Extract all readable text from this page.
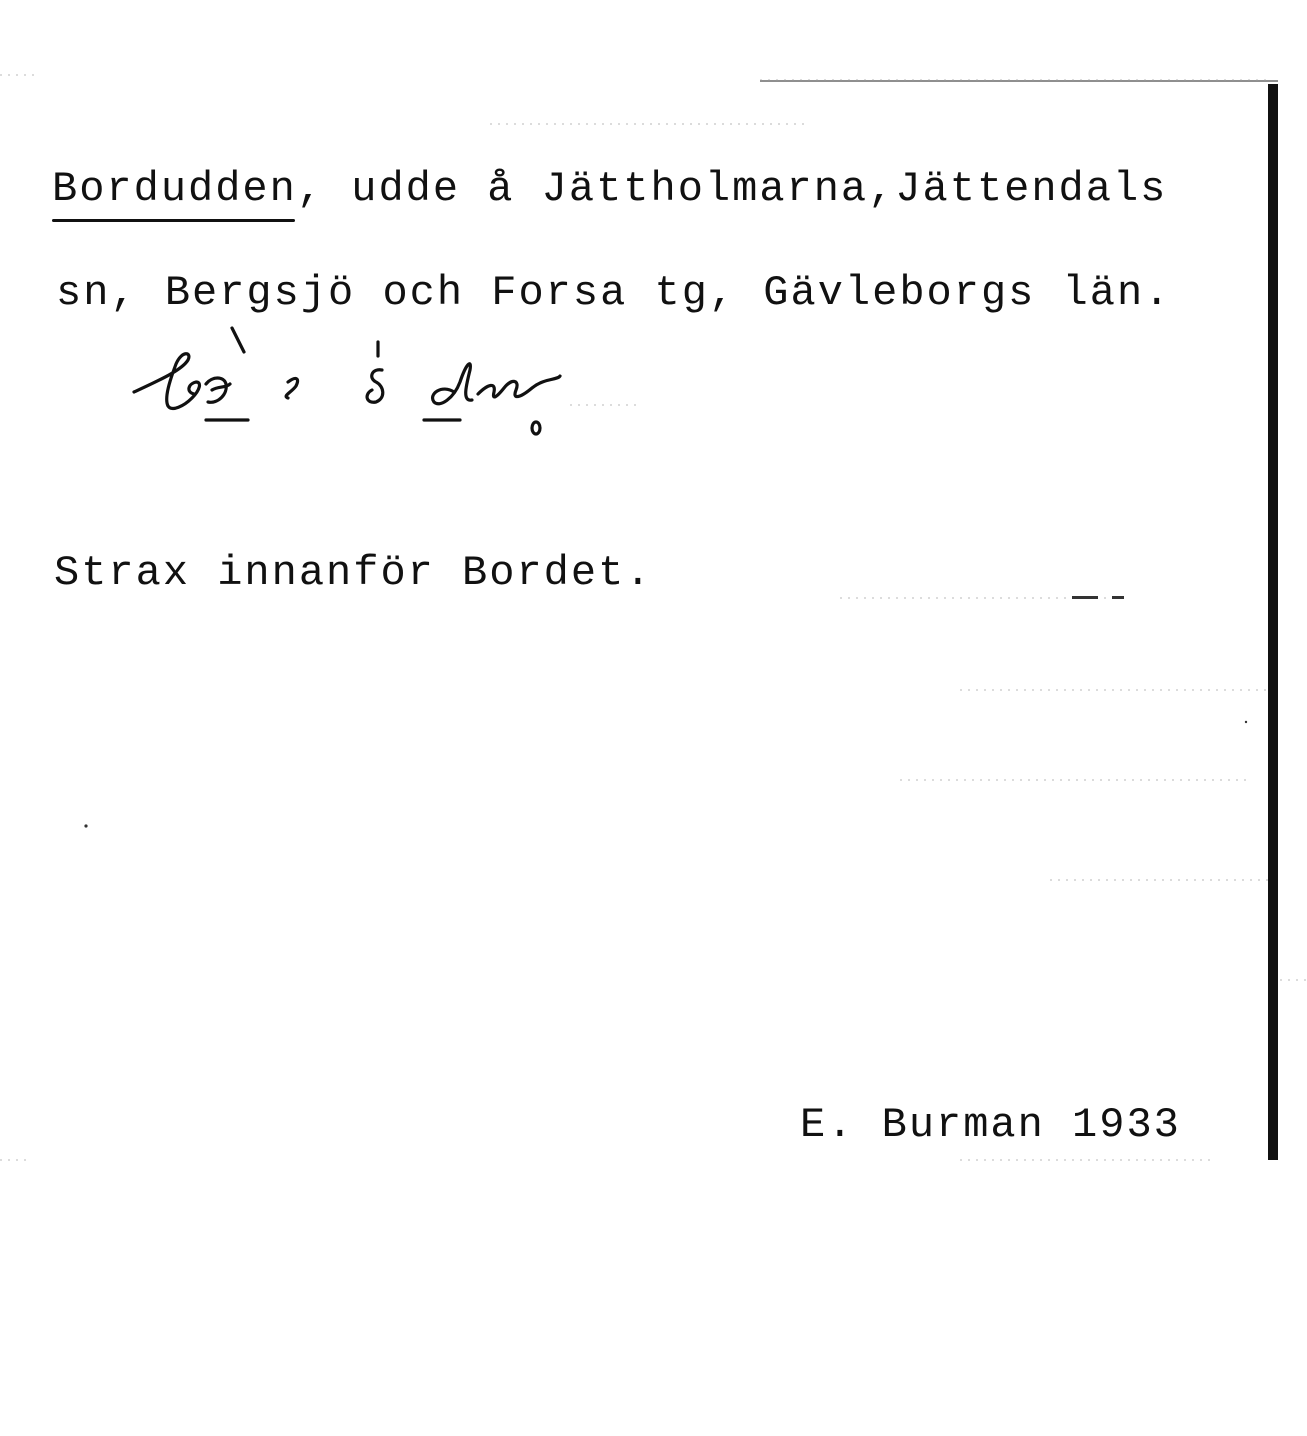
Bordudden
, udde å Jättholmarna,Jättendals
sn, Bergsjö och Forsa tg, Gävleborgs län.
Strax innanför Bordet.
E. Burman 1933
